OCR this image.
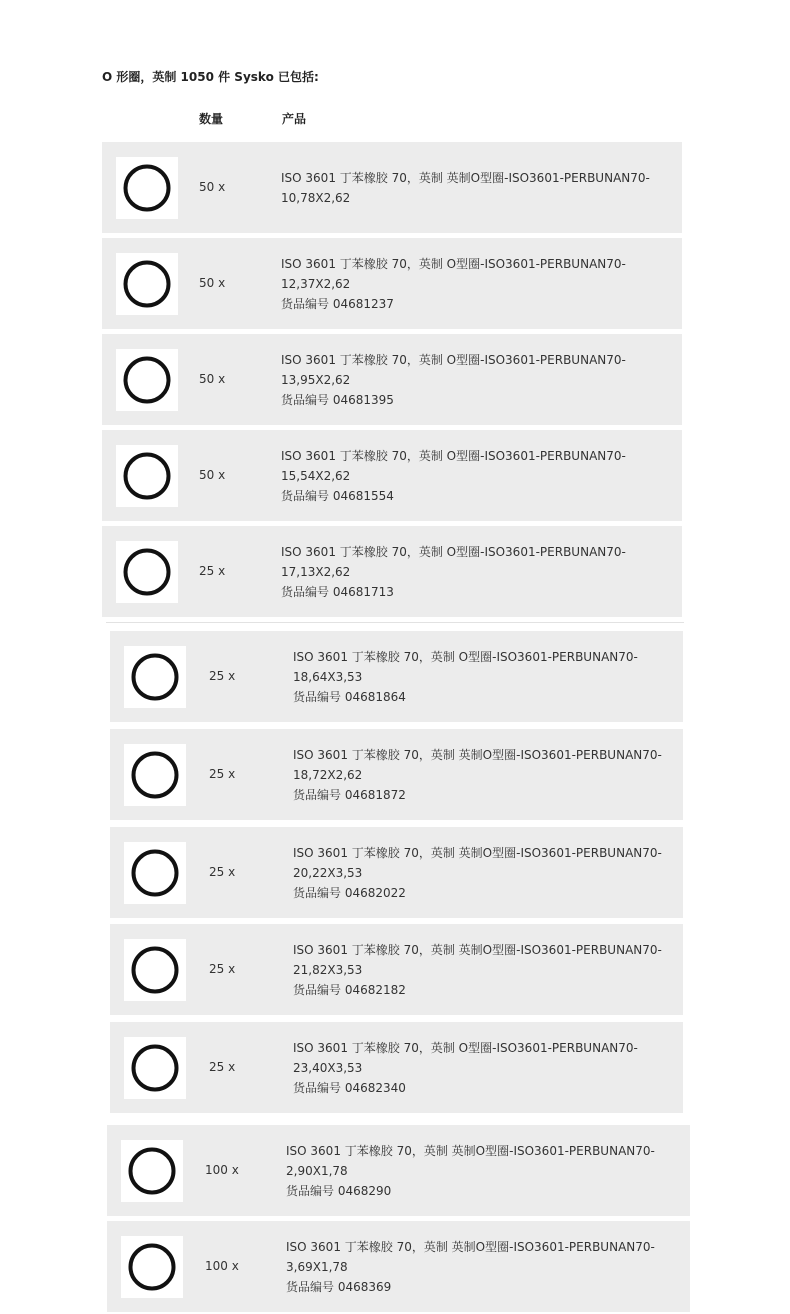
O 形圈，英制 1050 件 Sysko 已包括:
数量	产品
50 x
ISO 3601 丁苯橡胶 70，英制 英制O型圈-ISO3601-PERBUNAN70-
10,78X2,62
50 x
ISO 3601 丁苯橡胶 70，英制 O型圈-ISO3601-PERBUNAN70-
12,37X2,62
货品编号 04681237
50 x
ISO 3601 丁苯橡胶 70，英制 O型圈-ISO3601-PERBUNAN70-
13,95X2,62
货品编号 04681395
50 x
ISO 3601 丁苯橡胶 70，英制 O型圈-ISO3601-PERBUNAN70-
15,54X2,62
货品编号 04681554
25 x
ISO 3601 丁苯橡胶 70，英制 O型圈-ISO3601-PERBUNAN70-
17,13X2,62
货品编号 04681713
25 x
ISO 3601 丁苯橡胶 70，英制 O型圈-ISO3601-PERBUNAN70-
18,64X3,53
货品编号 04681864
25 x
ISO 3601 丁苯橡胶 70，英制 英制O型圈-ISO3601-PERBUNAN70-
18,72X2,62
货品编号 04681872
25 x
ISO 3601 丁苯橡胶 70，英制 英制O型圈-ISO3601-PERBUNAN70-
20,22X3,53
货品编号 04682022
25 x
ISO 3601 丁苯橡胶 70，英制 英制O型圈-ISO3601-PERBUNAN70-
21,82X3,53
货品编号 04682182
25 x
ISO 3601 丁苯橡胶 70，英制 O型圈-ISO3601-PERBUNAN70-
23,40X3,53
货品编号 04682340
100 x
ISO 3601 丁苯橡胶 70，英制 英制O型圈-ISO3601-PERBUNAN70-
2,90X1,78
货品编号 0468290
100 x
ISO 3601 丁苯橡胶 70，英制 英制O型圈-ISO3601-PERBUNAN70-
3,69X1,78
货品编号 0468369
